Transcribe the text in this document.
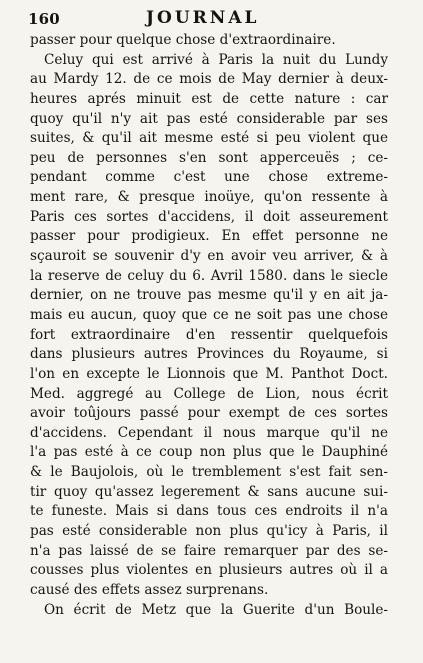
160	JOURNAL
passer pour quelque chose d'extraordinaire.
Celuy qui est arrivé à Paris la nuit du Lundy
au Mardy 12. de ce mois de May dernier à deux-
heures aprés minuit est de cette nature : car
quoy qu'il n'y ait pas esté considerable par ses
suites, & qu'il ait mesme esté si peu violent que
peu de personnes s'en sont apperceuës ; ce-
pendant comme c'est une chose extreme-
ment rare, & presque inoüye, qu'on ressente à
Paris ces sortes d'accidens, il doit asseurement
passer pour prodigieux. En effet personne ne
sçauroit se souvenir d'y en avoir veu arriver, & à
la reserve de celuy du 6. Avril 1580. dans le siecle
dernier, on ne trouve pas mesme qu'il y en ait ja-
mais eu aucun, quoy que ce ne soit pas une chose
fort extraordinaire d'en ressentir quelquefois
dans plusieurs autres Provinces du Royaume, si
l'on en excepte le Lionnois que M. Panthot Doct.
Med. aggregé au College de Lion, nous écrit
avoir toûjours passé pour exempt de ces sortes
d'accidens. Cependant il nous marque qu'il ne
l'a pas esté à ce coup non plus que le Dauphiné
& le Baujolois, où le tremblement s'est fait sen-
tir quoy qu'assez legerement & sans aucune sui-
te funeste. Mais si dans tous ces endroits il n'a
pas esté considerable non plus qu'icy à Paris, il
n'a pas laissé de se faire remarquer par des se-
cousses plus violentes en plusieurs autres où il a
causé des effets assez surprenans.
On écrit de Metz que la Guerite d'un Boule-
